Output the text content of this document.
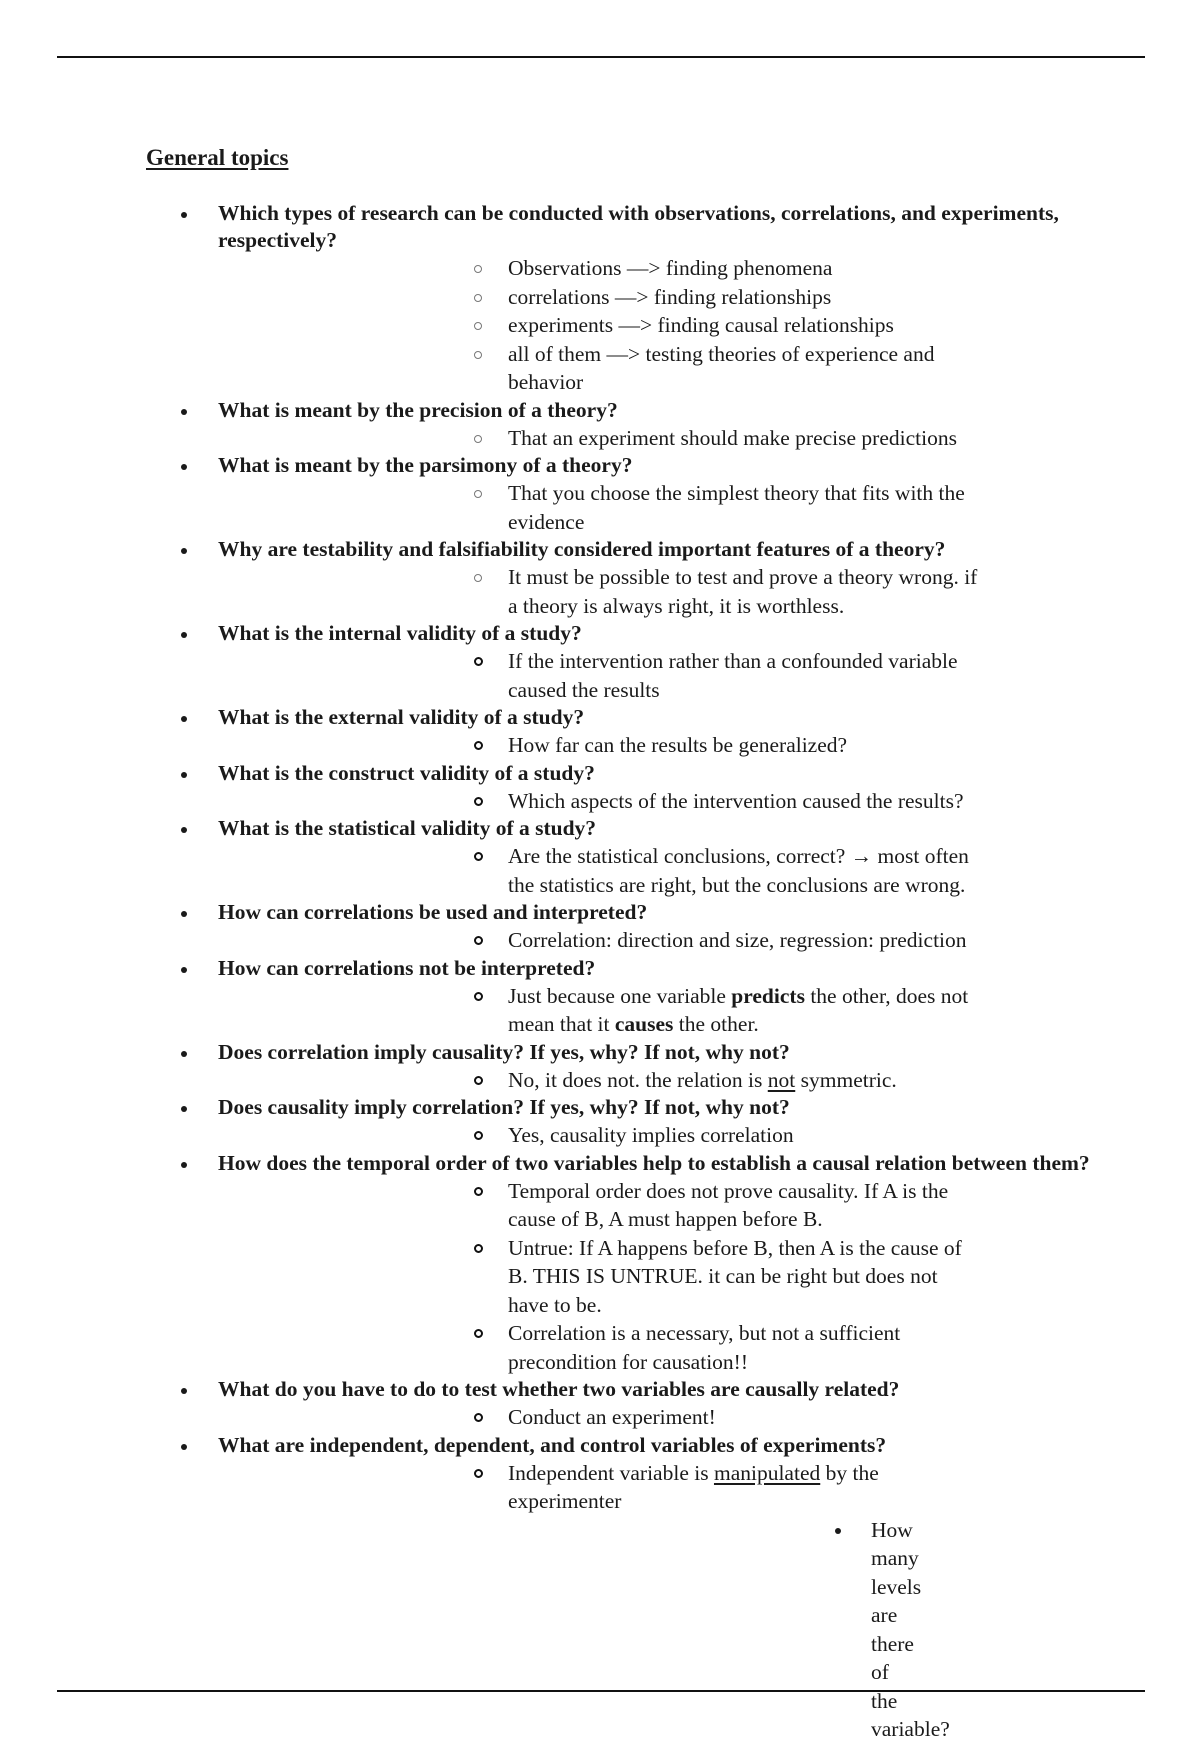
General topics
Which types of research can be conducted with observations, correlations, and experiments, respectively?
Observations —> finding phenomena
correlations —> finding relationships
experiments —> finding causal relationships
all of them —> testing theories of experience and behavior
What is meant by the precision of a theory?
That an experiment should make precise predictions
What is meant by the parsimony of a theory?
That you choose the simplest theory that fits with the evidence
Why are testability and falsifiability considered important features of a theory?
It must be possible to test and prove a theory wrong. if a theory is always right, it is worthless.
What is the internal validity of a study?
If the intervention rather than a confounded variable caused the results
What is the external validity of a study?
How far can the results be generalized?
What is the construct validity of a study?
Which aspects of the intervention caused the results?
What is the statistical validity of a study?
Are the statistical conclusions, correct? → most often the statistics are right, but the conclusions are wrong.
How can correlations be used and interpreted?
Correlation: direction and size, regression: prediction
How can correlations not be interpreted?
Just because one variable predicts the other, does not mean that it causes the other.
Does correlation imply causality? If yes, why? If not, why not?
No, it does not. the relation is not symmetric.
Does causality imply correlation? If yes, why? If not, why not?
Yes, causality implies correlation
How does the temporal order of two variables help to establish a causal relation between them?
Temporal order does not prove causality. If A is the cause of B, A must happen before B.
Untrue: If A happens before B, then A is the cause of B. THIS IS UNTRUE. it can be right but does not have to be.
Correlation is a necessary, but not a sufficient precondition for causation!!
What do you have to do to test whether two variables are causally related?
Conduct an experiment!
What are independent, dependent, and control variables of experiments?
Independent variable is manipulated by the experimenter
How many levels are there of the variable?
